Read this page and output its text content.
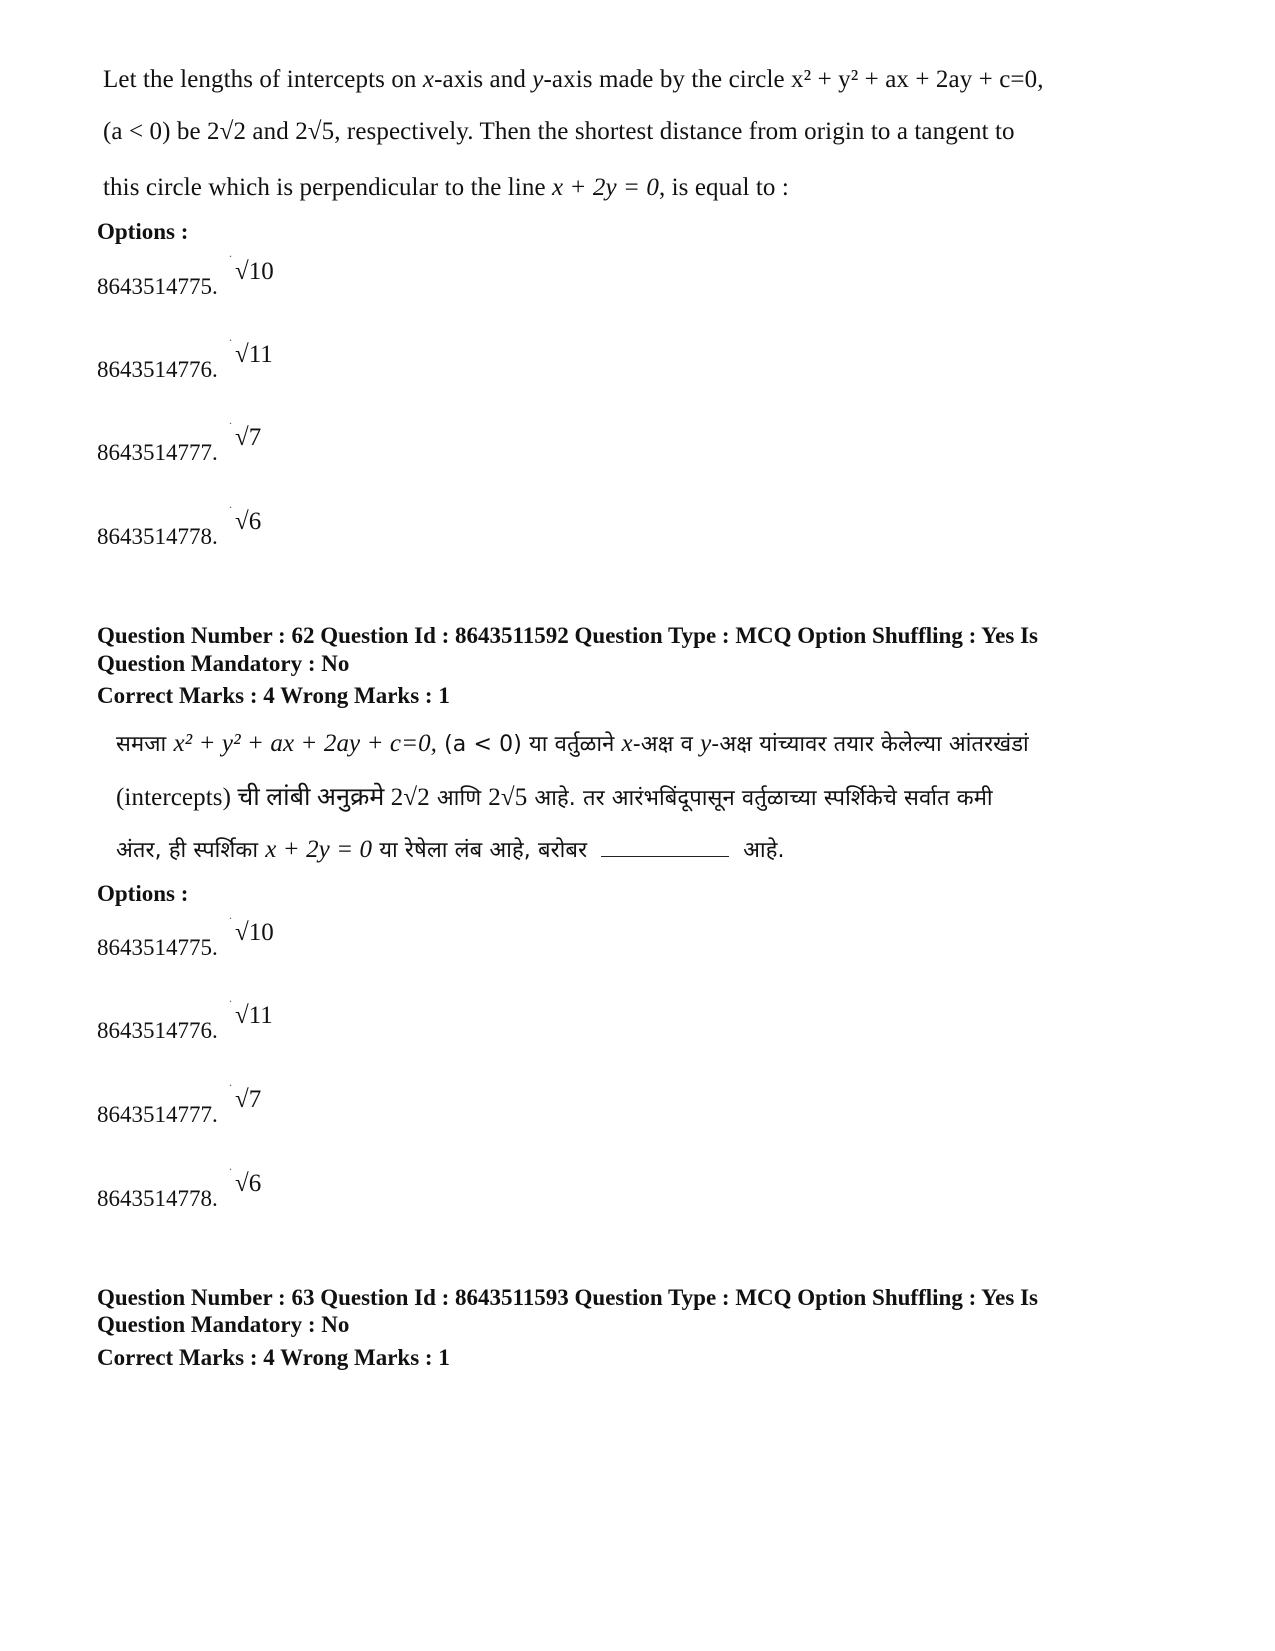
Let the lengths of intercepts on x-axis and y-axis made by the circle x² + y² + ax + 2ay + c=0,
(a < 0) be 2√2 and 2√5, respectively. Then the shortest distance from origin to a tangent to
this circle which is perpendicular to the line x + 2y = 0, is equal to :
Options :
.
8643514775.
√10
.
8643514776.
√11
.
8643514777.
√7
.
8643514778.
√6
Question Number : 62 Question Id : 8643511592 Question Type : MCQ Option Shuffling : Yes Is
Question Mandatory : No
Correct Marks : 4 Wrong Marks : 1
समजा x² + y² + ax + 2ay + c=0, (a < 0) या वर्तुळाने x-अक्ष व y-अक्ष यांच्यावर तयार केलेल्या आंतरखंडां
(intercepts) ची लांबी अनुक्रमे 2√2 आणि 2√5 आहे. तर आरंभबिंदूपासून वर्तुळाच्या स्पर्शिकेचे सर्वात कमी
अंतर, ही स्पर्शिका x + 2y = 0 या रेषेला लंब आहे, बरोबर	आहे.
Options :
.
8643514775.
√10
.
8643514776.
√11
.
8643514777.
√7
.
8643514778.
√6
Question Number : 63 Question Id : 8643511593 Question Type : MCQ Option Shuffling : Yes Is
Question Mandatory : No
Correct Marks : 4 Wrong Marks : 1
